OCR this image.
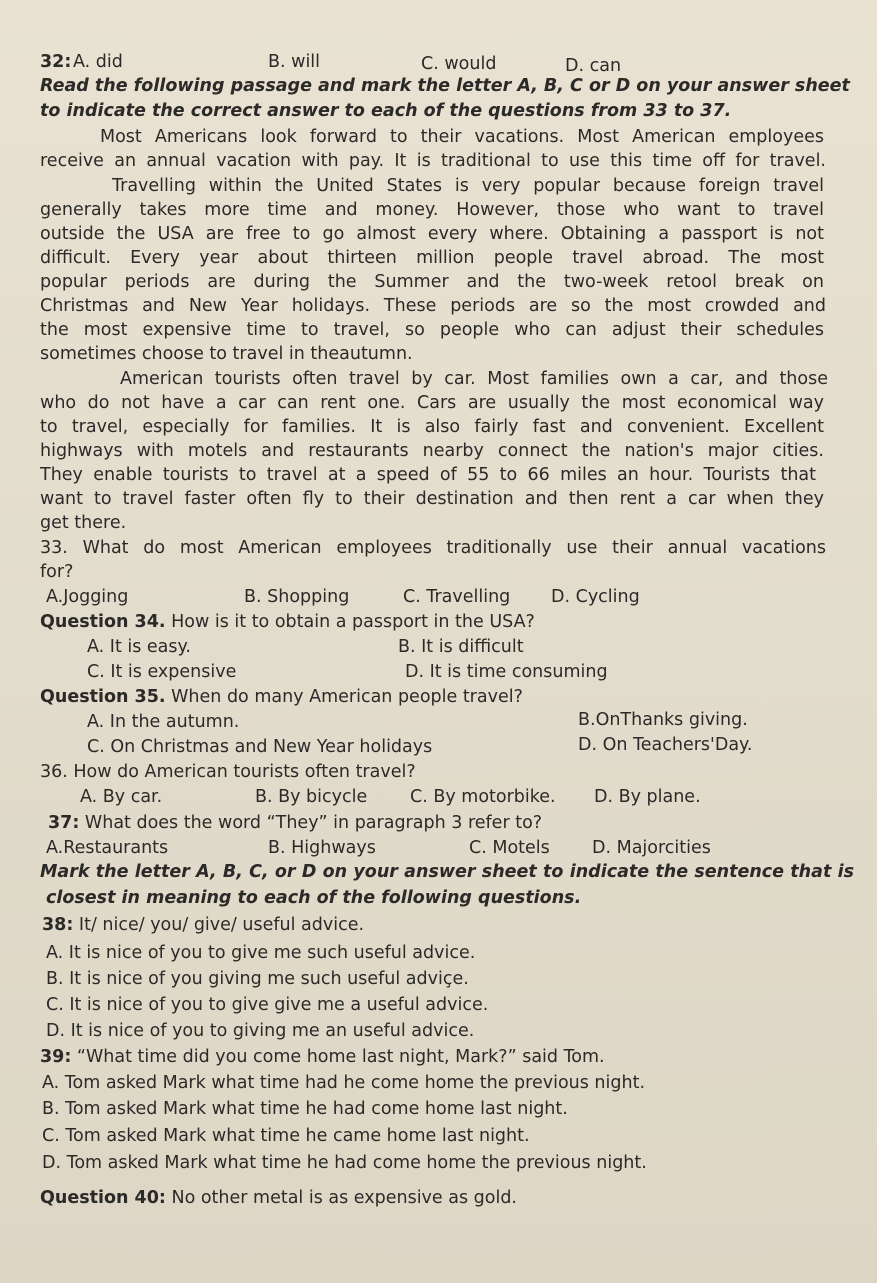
32: A. did	B. will	C. would	D. can
Read the following passage and mark the letter A, B, C or D on your answer sheet
to indicate the correct answer to each of the questions from 33 to 37.
Most Americans look forward to their vacations. Most American employees
receive an annual vacation with pay. It is traditional to use this time off for travel.
Travelling within the United States is very popular because foreign travel
generally takes more time and money. However, those who want to travel
outside the USA are free to go almost every where. Obtaining a passport is not
difficult. Every year about thirteen million people travel abroad. The most
popular periods are during the Summer and the two-week retool break on
Christmas and New Year holidays. These periods are so the most crowded and
the most expensive time to travel, so people who can adjust their schedules
sometimes choose to travel in theautumn.
American tourists often travel by car. Most families own a car, and those
who do not have a car can rent one. Cars are usually the most economical way
to travel, especially for families. It is also fairly fast and convenient. Excellent
highways with motels and restaurants nearby connect the nation's major cities.
They enable tourists to travel at a speed of 55 to 66 miles an hour. Tourists that
want to travel faster often fly to their destination and then rent a car when they
get there.
33. What do most American employees traditionally use their annual vacations
for?
A.Jogging	B. Shopping	C. Travelling D. Cycling
Question 34. How is it to obtain a passport in the USA?
A. It is easy.	B. It is difficult
C. It is expensive	D. It is time consuming
Question 35. When do many American people travel?
A. In the autumn.	B.OnThanks giving.
C. On Christmas and New Year holidays	D. On Teachers'Day.
36. How do American tourists often travel?
A. By car.	B. By bicycle C. By motorbike. D. By plane.
37: What does the word “They” in paragraph 3 refer to?
A.Restaurants	B. Highways	C. Motels D. Majorcities
Mark the letter A, B, C, or D on your answer sheet to indicate the sentence that is
closest in meaning to each of the following questions.
38: It/ nice/ you/ give/ useful advice.
A. It is nice of you to give me such useful advice.
B. It is nice of you giving me such useful adviçe.
C. It is nice of you to give give me a useful advice.
D. It is nice of you to giving me an useful advice.
39: “What time did you come home last night, Mark?” said Tom.
A. Tom asked Mark what time had he come home the previous night.
B. Tom asked Mark what time he had come home last night.
C. Tom asked Mark what time he came home last night.
D. Tom asked Mark what time he had come home the previous night.
Question 40: No other metal is as expensive as gold.
